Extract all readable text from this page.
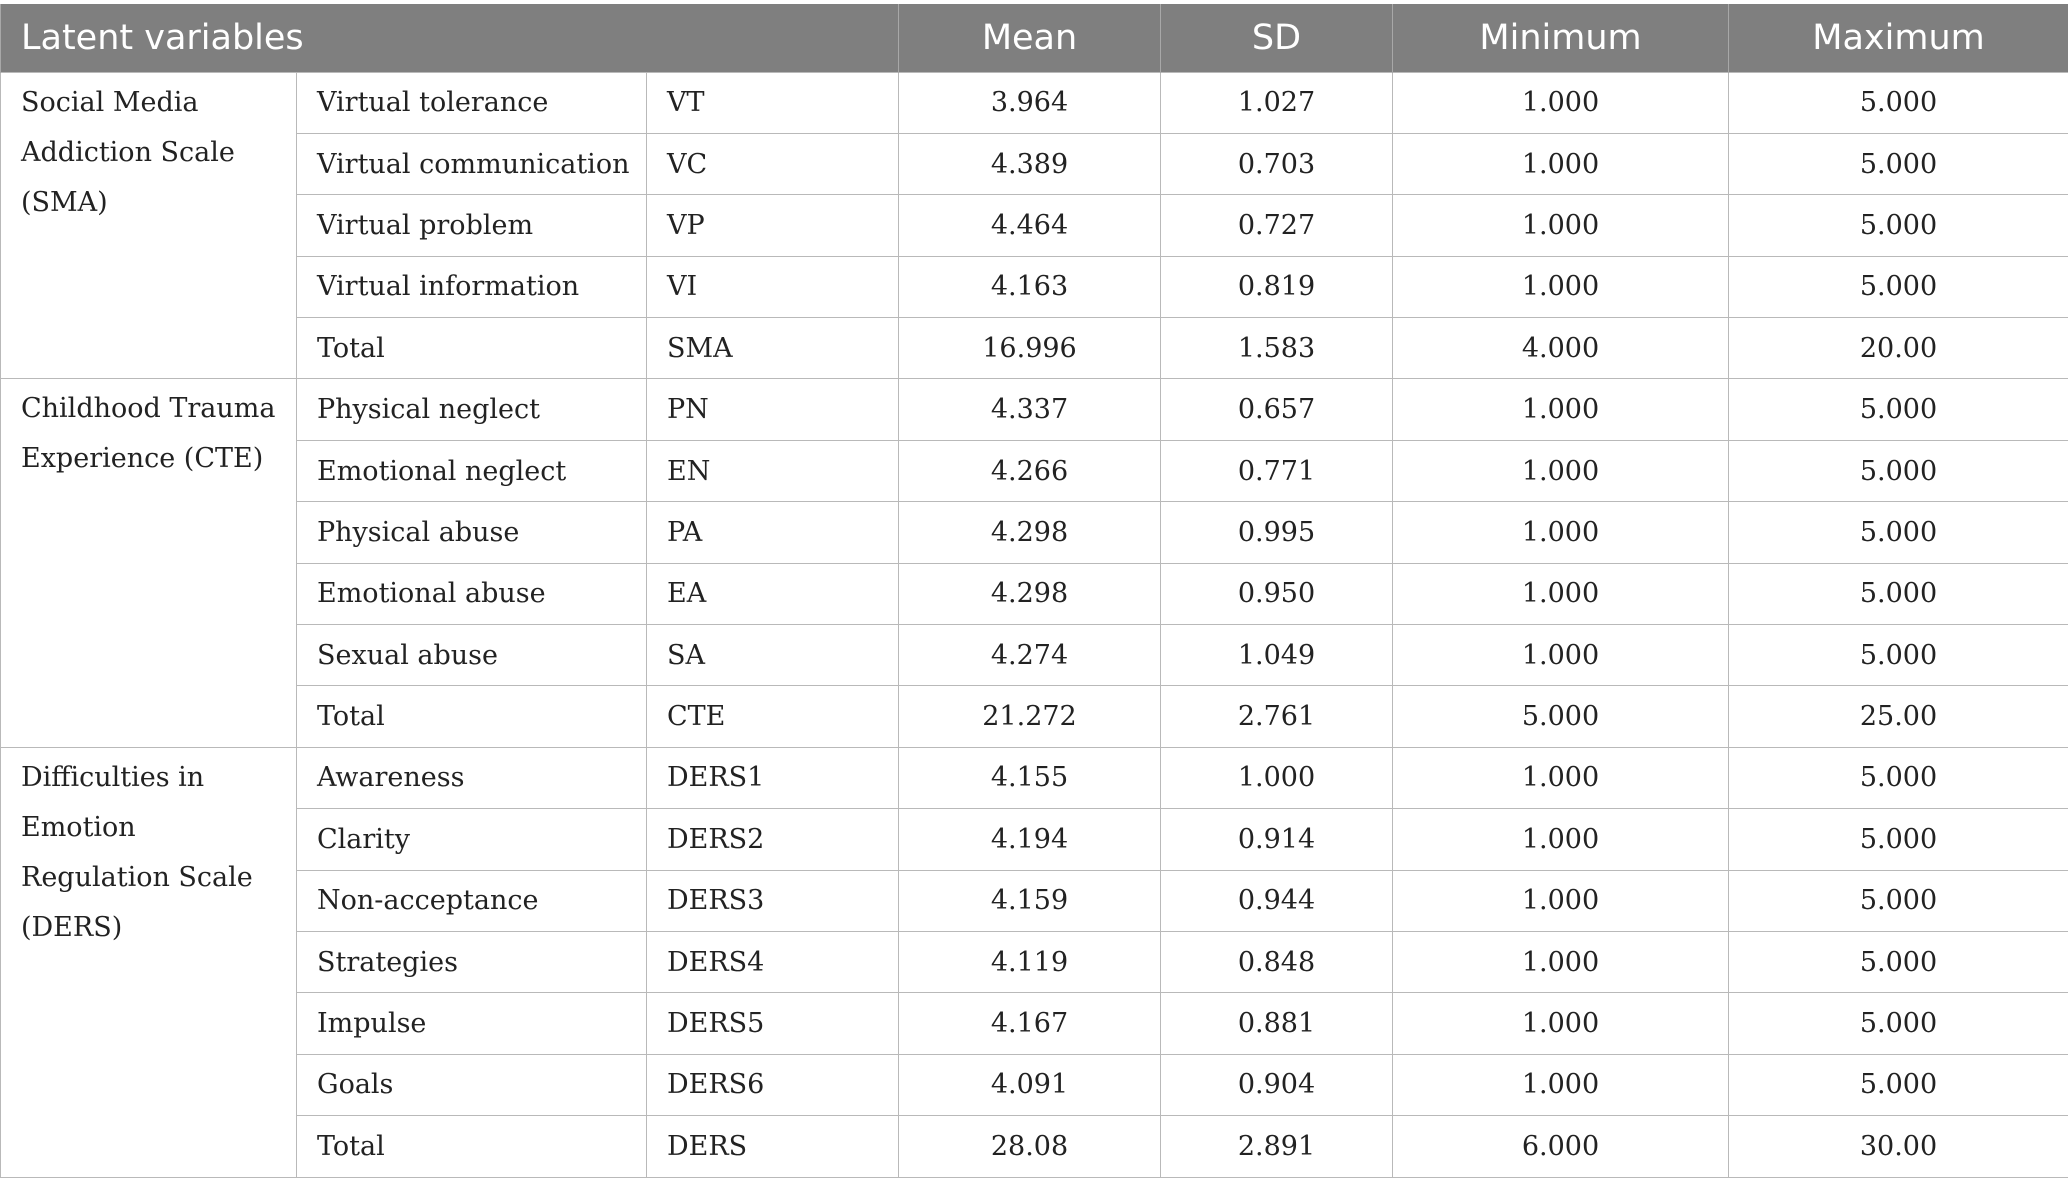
Latent variables			Mean	SD	Minimum	Maximum
Social Media Addiction Scale (SMA)	Virtual tolerance	VT	3.964	1.027	1.000	5.000
	Virtual communication	VC	4.389	0.703	1.000	5.000
	Virtual problem	VP	4.464	0.727	1.000	5.000
	Virtual information	VI	4.163	0.819	1.000	5.000
	Total	SMA	16.996	1.583	4.000	20.00
Childhood Trauma Experience (CTE)	Physical neglect	PN	4.337	0.657	1.000	5.000
	Emotional neglect	EN	4.266	0.771	1.000	5.000
	Physical abuse	PA	4.298	0.995	1.000	5.000
	Emotional abuse	EA	4.298	0.950	1.000	5.000
	Sexual abuse	SA	4.274	1.049	1.000	5.000
	Total	CTE	21.272	2.761	5.000	25.00
Difficulties in Emotion Regulation Scale (DERS)	Awareness	DERS1	4.155	1.000	1.000	5.000
	Clarity	DERS2	4.194	0.914	1.000	5.000
	Non-acceptance	DERS3	4.159	0.944	1.000	5.000
	Strategies	DERS4	4.119	0.848	1.000	5.000
	Impulse	DERS5	4.167	0.881	1.000	5.000
	Goals	DERS6	4.091	0.904	1.000	5.000
	Total	DERS	28.08	2.891	6.000	30.00
